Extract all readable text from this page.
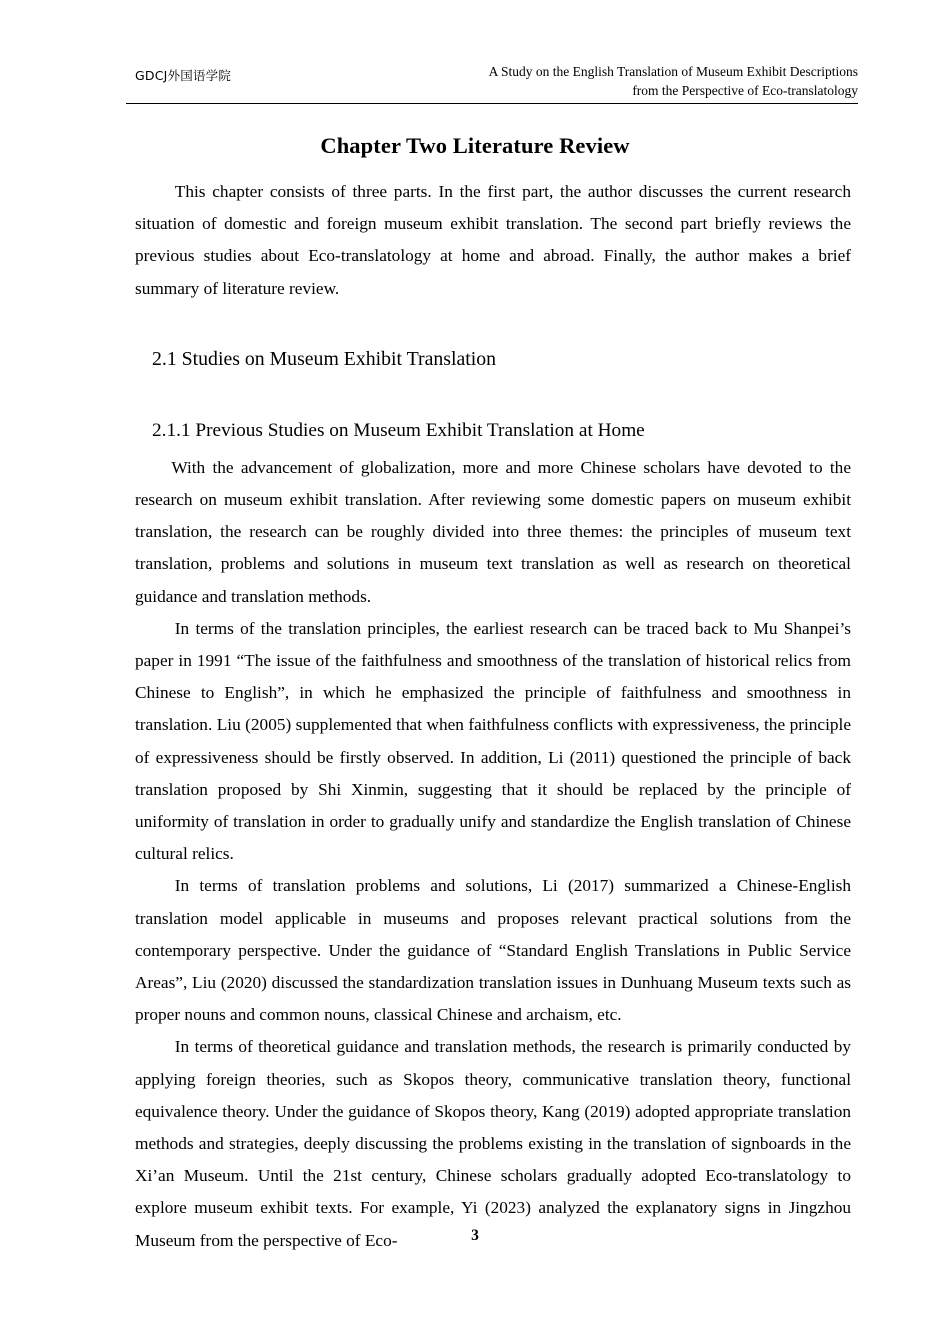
GDCJ外国语学院	A Study on the English Translation of Museum Exhibit Descriptions
from the Perspective of Eco-translatology
Chapter Two Literature Review

This chapter consists of three parts. In the first part, the author discusses the current research situation of domestic and foreign museum exhibit translation. The second part briefly reviews the previous studies about Eco-translatology at home and abroad. Finally, the author makes a brief summary of literature review.

2.1 Studies on Museum Exhibit Translation
2.1.1 Previous Studies on Museum Exhibit Translation at Home

With the advancement of globalization, more and more Chinese scholars have devoted to the research on museum exhibit translation. After reviewing some domestic papers on museum exhibit translation, the research can be roughly divided into three themes: the principles of museum text translation, problems and solutions in museum text translation as well as research on theoretical guidance and translation methods.

In terms of the translation principles, the earliest research can be traced back to Mu Shanpei’s paper in 1991 “The issue of the faithfulness and smoothness of the translation of historical relics from Chinese to English”, in which he emphasized the principle of faithfulness and smoothness in translation. Liu (2005) supplemented that when faithfulness conflicts with expressiveness, the principle of expressiveness should be firstly observed. In addition, Li (2011) questioned the principle of back translation proposed by Shi Xinmin, suggesting that it should be replaced by the principle of uniformity of translation in order to gradually unify and standardize the English translation of Chinese cultural relics.

In terms of translation problems and solutions, Li (2017) summarized a Chinese-English translation model applicable in museums and proposes relevant practical solutions from the contemporary perspective. Under the guidance of “Standard English Translations in Public Service Areas”, Liu (2020) discussed the standardization translation issues in Dunhuang Museum texts such as proper nouns and common nouns, classical Chinese and archaism, etc.

In terms of theoretical guidance and translation methods, the research is primarily conducted by applying foreign theories, such as Skopos theory, communicative translation theory, functional equivalence theory. Under the guidance of Skopos theory, Kang (2019) adopted appropriate translation methods and strategies, deeply discussing the problems existing in the translation of signboards in the Xi’an Museum. Until the 21st century, Chinese scholars gradually adopted Eco-translatology to explore museum exhibit texts. For example, Yi (2023) analyzed the explanatory signs in Jingzhou Museum from the perspective of Eco-	3
